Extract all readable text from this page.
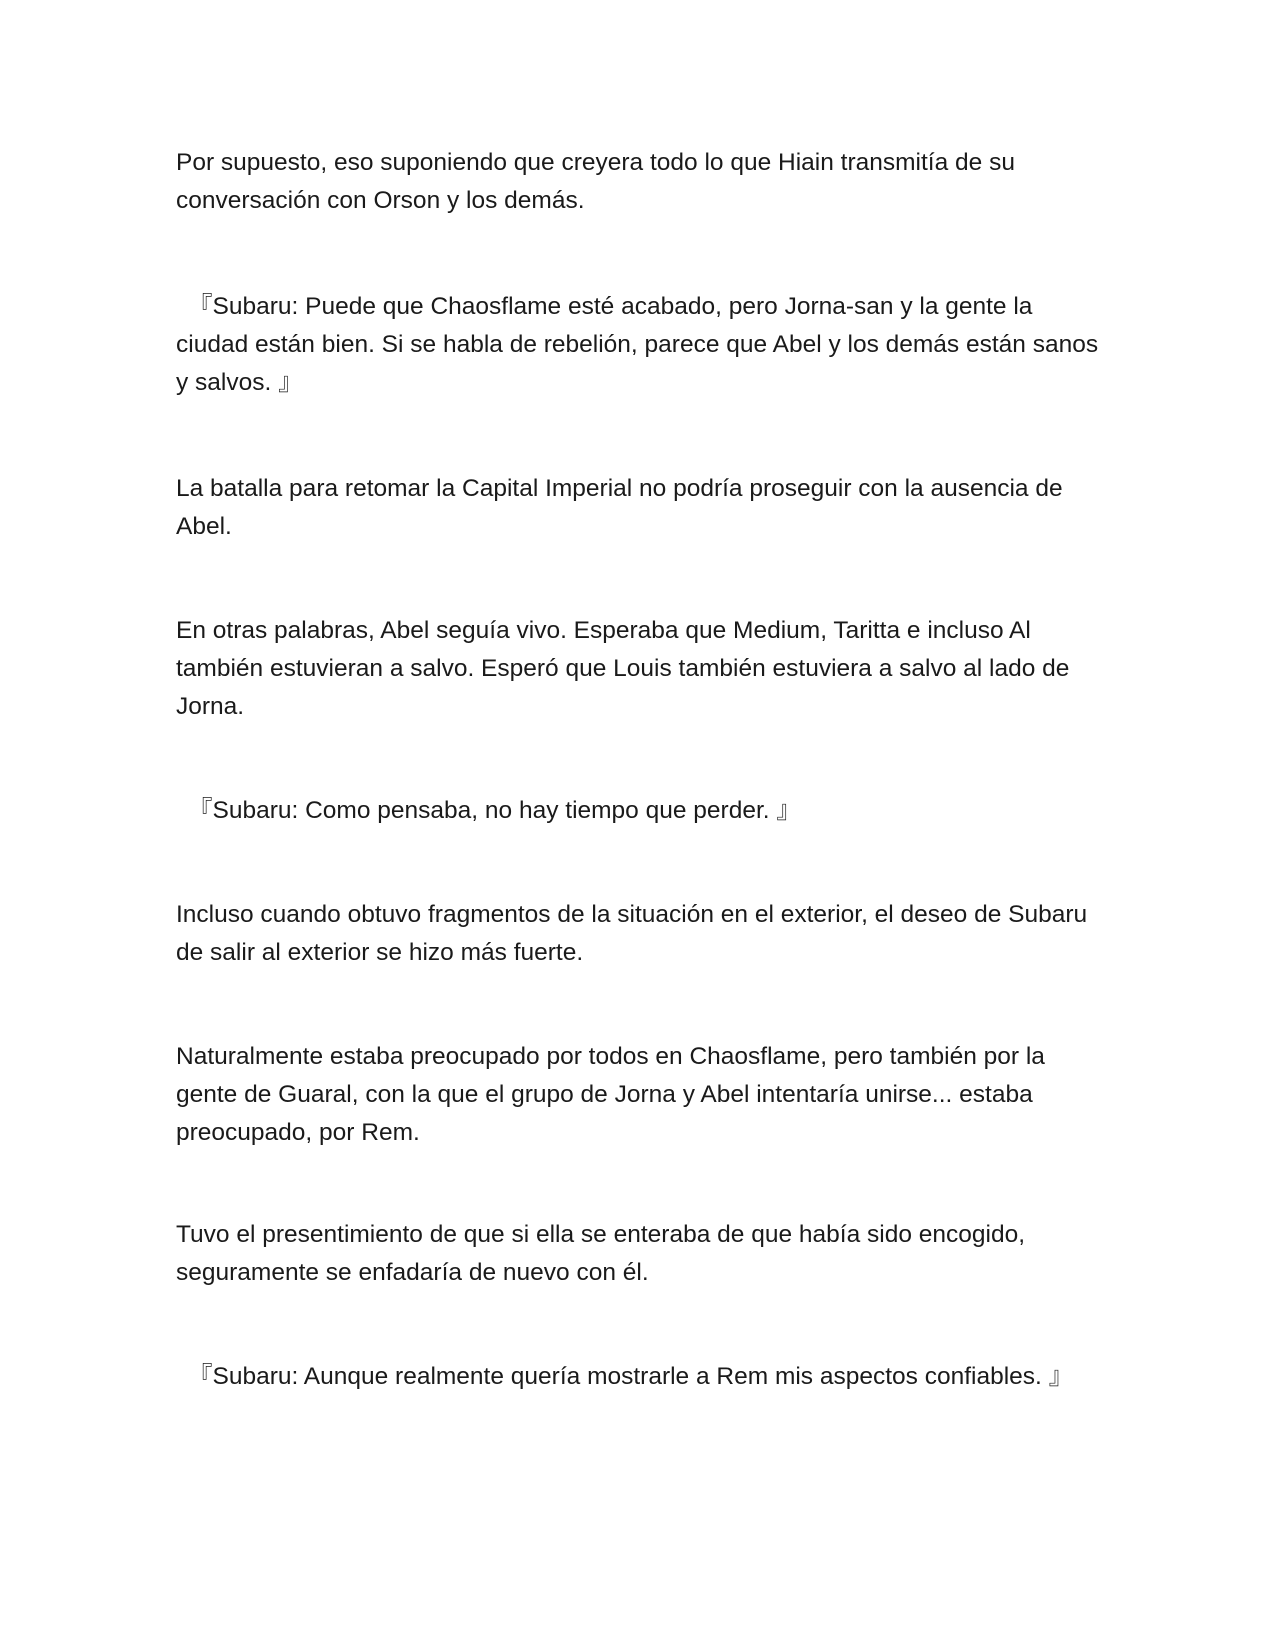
Por supuesto, eso suponiendo que creyera todo lo que Hiain transmitía de su conversación con Orson y los demás.

『Subaru: Puede que Chaosflame esté acabado, pero Jorna-san y la gente la ciudad están bien. Si se habla de rebelión, parece que Abel y los demás están sanos y salvos. 』

La batalla para retomar la Capital Imperial no podría proseguir con la ausencia de Abel.

En otras palabras, Abel seguía vivo. Esperaba que Medium, Taritta e incluso Al también estuvieran a salvo. Esperó que Louis también estuviera a salvo al lado de Jorna.

『Subaru: Como pensaba, no hay tiempo que perder. 』

Incluso cuando obtuvo fragmentos de la situación en el exterior, el deseo de Subaru de salir al exterior se hizo más fuerte.

Naturalmente estaba preocupado por todos en Chaosflame, pero también por la gente de Guaral, con la que el grupo de Jorna y Abel intentaría unirse... estaba preocupado, por Rem.

Tuvo el presentimiento de que si ella se enteraba de que había sido encogido, seguramente se enfadaría de nuevo con él.

『Subaru: Aunque realmente quería mostrarle a Rem mis aspectos confiables. 』
